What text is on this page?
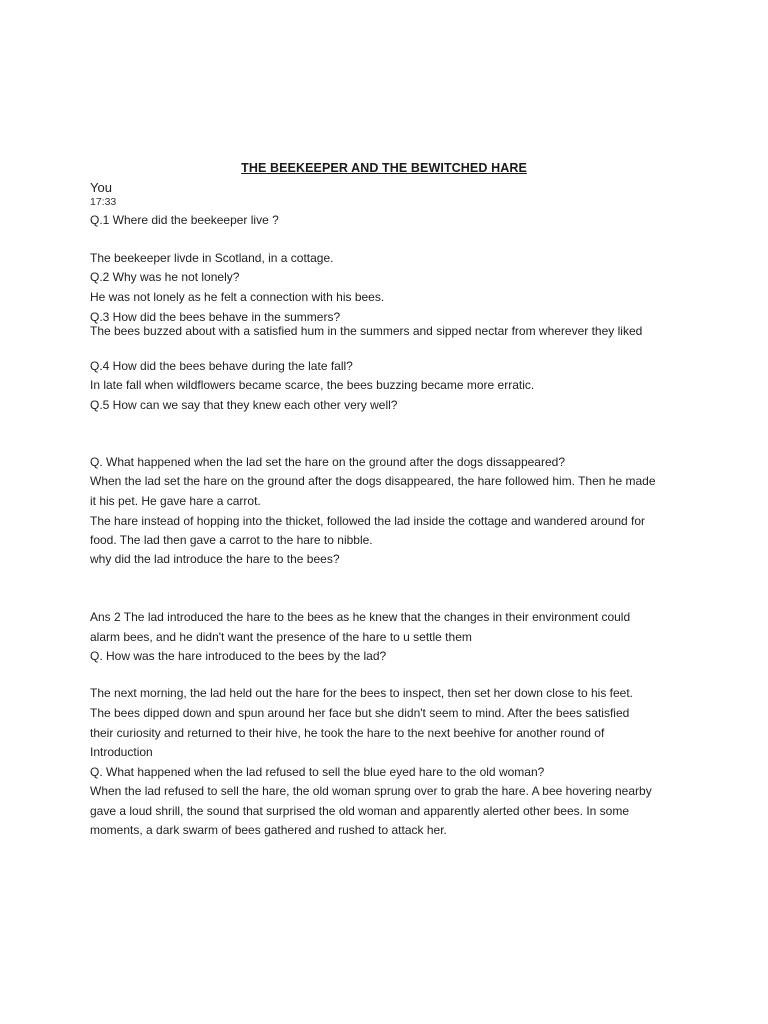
THE BEEKEEPER AND THE BEWITCHED HARE
You
17:33
Q.1 Where did the beekeeper live ?
The beekeeper livde in Scotland, in a cottage.
Q.2 Why was he not lonely?
He was not lonely as he felt a connection with his bees.
Q.3 How did the bees behave in the summers?
The bees buzzed about with a satisfied hum in the summers and sipped nectar from wherever they liked
Q.4 How did the bees behave during the late fall?
In late fall when wildflowers became scarce, the bees buzzing became more erratic.
Q.5 How can we say that they knew each other very well?
Q. What happened when the lad set the hare on the ground after the dogs dissappeared?
When the lad set the hare on the ground after the dogs disappeared, the hare followed him. Then he made
it his pet. He gave hare a carrot.
The hare instead of hopping into the thicket, followed the lad inside the cottage and wandered around for
food. The lad then gave a carrot to the hare to nibble.
why did the lad introduce the hare to the bees?
Ans 2 The lad introduced the hare to the bees as he knew that the changes in their environment could
alarm bees, and he didn't want the presence of the hare to u settle them
Q. How was the hare introduced to the bees by the lad?
The next morning, the lad held out the hare for the bees to inspect, then set her down close to his feet.
The bees dipped down and spun around her face but she didn't seem to mind. After the bees satisfied
their curiosity and returned to their hive, he took the hare to the next beehive for another round of
Introduction
Q. What happened when the lad refused to sell the blue eyed hare to the old woman?
When the lad refused to sell the hare, the old woman sprung over to grab the hare. A bee hovering nearby
gave a loud shrill, the sound that surprised the old woman and apparently alerted other bees. In some
moments, a dark swarm of bees gathered and rushed to attack her.
